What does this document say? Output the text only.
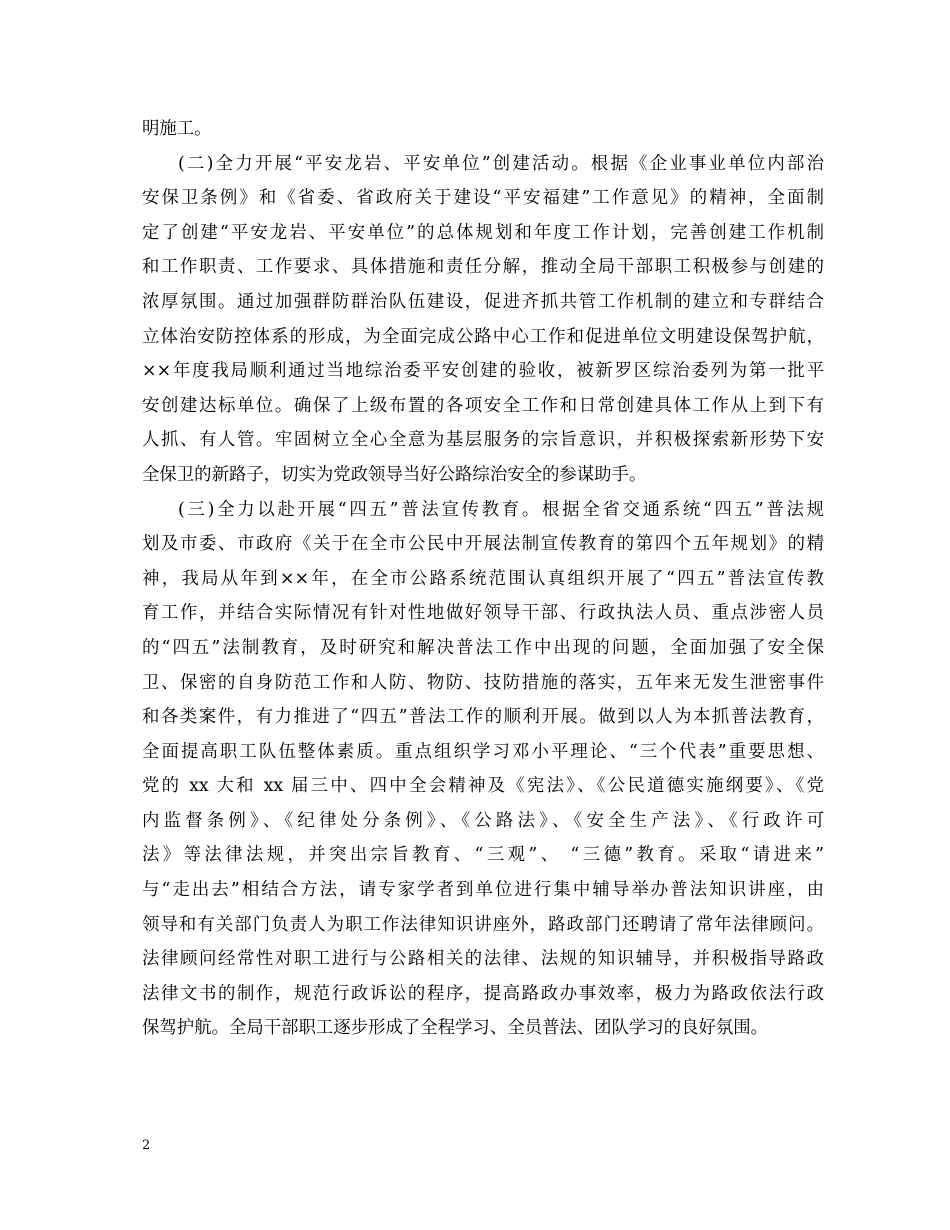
明施工。
(二)全力开展“平安龙岩、平安单位”创建活动。根据《企业事业单位内部治
安保卫条例》和《省委、省政府关于建设“平安福建”工作意见》的精神，全面制
定了创建“平安龙岩、平安单位”的总体规划和年度工作计划，完善创建工作机制
和工作职责、工作要求、具体措施和责任分解，推动全局干部职工积极参与创建的
浓厚氛围。通过加强群防群治队伍建设，促进齐抓共管工作机制的建立和专群结合
立体治安防控体系的形成，为全面完成公路中心工作和促进单位文明建设保驾护航，
××年度我局顺利通过当地综治委平安创建的验收，被新罗区综治委列为第一批平
安创建达标单位。确保了上级布置的各项安全工作和日常创建具体工作从上到下有
人抓、有人管。牢固树立全心全意为基层服务的宗旨意识，并积极探索新形势下安
全保卫的新路子，切实为党政领导当好公路综治安全的参谋助手。
(三)全力以赴开展“四五”普法宣传教育。根据全省交通系统“四五”普法规
划及市委、市政府《关于在全市公民中开展法制宣传教育的第四个五年规划》的精
神，我局从年到××年，在全市公路系统范围认真组织开展了“四五”普法宣传教
育工作，并结合实际情况有针对性地做好领导干部、行政执法人员、重点涉密人员
的“四五”法制教育，及时研究和解决普法工作中出现的问题，全面加强了安全保
卫、保密的自身防范工作和人防、物防、技防措施的落实，五年来无发生泄密事件
和各类案件，有力推进了“四五”普法工作的顺利开展。做到以人为本抓普法教育，
全面提高职工队伍整体素质。重点组织学习邓小平理论、“三个代表”重要思想、
党的 xx 大和 xx 届三中、四中全会精神及《宪法》、《公民道德实施纲要》、《党
内监督条例》、《纪律处分条例》、《公路法》、《安全生产法》、《行政许可
法》等法律法规，并突出宗旨教育、“三观”、 “三德”教育。采取“请进来”
与“走出去”相结合方法，请专家学者到单位进行集中辅导举办普法知识讲座，由
领导和有关部门负责人为职工作法律知识讲座外，路政部门还聘请了常年法律顾问。
法律顾问经常性对职工进行与公路相关的法律、法规的知识辅导，并积极指导路政
法律文书的制作，规范行政诉讼的程序，提高路政办事效率，极力为路政依法行政
保驾护航。全局干部职工逐步形成了全程学习、全员普法、团队学习的良好氛围。
2
